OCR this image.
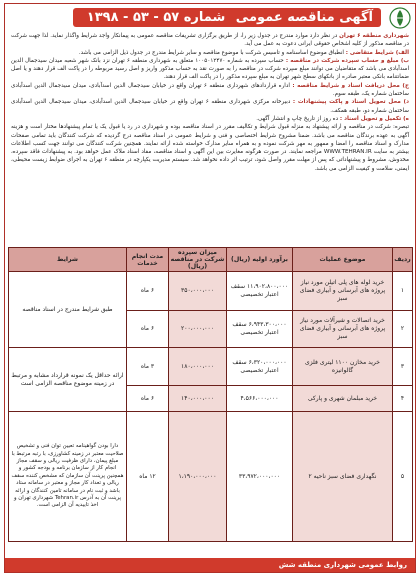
آگهی مناقصه عمومی شماره ۵۷ - ۵۳ - ۱۳۹۸

شهرداری منطقه ۶ تهران در نظر دارد موارد مندرج در جدول زیر را، از طریق برگزاری تشریفات مناقصه عمومی به پیمانکار واجد شرایط واگذار نماید. لذا جهت شرکت در مناقصه مذکور از کلیه اشخاص حقوقی ایرانی دعوت به عمل می آید.

الف) شرایط متقاضی : انطباق موضوع اساسنامه و تاسیس شرکت با موضوع مناقصه و سایر شرایط مندرج در جدول ذیل الزامی می باشد.

ب) مبلغ و حساب سپرده شرکت در مناقصه : حساب سپرده به شماره ۱۰۰۵۰۱۲۴۷۰ متعلق به شهرداری منطقه ۶ تهران نزد بانک شهر شعبه میدان سیدجمال الدین اسدآبادی می باشد که متقاضیان می توانند مبلغ سپرده شرکت در مناقصه را به صورت نقد به حساب مذکور واریز و اصل رسید مربوطه را در پاکت الف قرار دهند و یا اصل ضمانتنامه بانکی معتبر صادره از بانکهای سطح شهر تهران به مبلغ سپرده مذکور را در پاکت الف قرار دهند.

ج) محل دریافت اسناد و شرایط مناقصه : اداره قراردادهای شهرداری منطقه ۶ تهران واقع در خیابان سیدجمال الدین اسدآبادی، میدان سیدجمال الدین اسدآبادی ساختمان شماره یک، طبقه سوم.

د) محل تحویل اسناد و پاکت پیشنهادات : دبیرخانه مرکزی شهرداری منطقه ۶ تهران واقع در خیابان سیدجمال الدین اسدآبادی، میدان سیدجمال الدین اسدآبادی ساختمان شماره دو، طبقه همکف.

ه) تکمیل و تحویل اسناد : ده روز از تاریخ چاپ و انتشار آگهی.

تبصره: شرکت در مناقصه و ارائه پیشنهاد به منزله قبول شرایط و تکالیف مقرر در اسناد مناقصه بوده و شهرداری در رد یا قبول یک یا تمام پیشنهادها مختار است و هزینه آگهی به عهده برندگان مناقصه می باشد. ضمنا مشروح شرایط اختصاصی و فنی و شرایط عمومی در اسناد مناقصه درج گردیده که شرکت کنندگان باید تمامی صفحات مدارک و اسناد مناقصه را امضا و ممهور به مهر شرکت نموده و به همراه سایر مدارک خواسته شده ارائه نمایند. همچنین شرکت کنندگان می توانند جهت کسب اطلاعات بیشتر به سایت WWW.TEHRAN.IR مراجعه نمایند. در صورت هرگونه مغایرت بین این آگهی و اسناد مناقصه، مفاد اسناد ملاک عمل خواهد بود. به پیشنهادات فاقد سپرده، مخدوش، مشروط و پیشنهاداتی که پس از مهلت مقرر واصل شود، ترتیب اثر داده نخواهد شد. سیستم مدیریت یکپارچه در منطقه ۶ تهران به اجرای ضوابط زیست محیطی، ایمنی، سلامت و کیفیت الزامی می باشد.

ردیف	موضوع عملیات	برآورد اولیه (ریال)	میزان سپرده شرکت در مناقصه (ریال)	مدت انجام خدمات	شرایط
۱	خرید لوله های پلی اتیلن مورد نیاز پروژه های آبرسانی و آبیاری فضای سبز	۱۱،۹۰۲،۸۰۰،۰۰۰ سقف اعتبار تخصیصی	۳۵۰،۰۰۰،۰۰۰	۶ ماه	طبق شرایط مندرج در اسناد مناقصه
۲	خرید اتصالات و شیرآلات مورد نیاز پروژه های آبرسانی و آبیاری فضای سبز	۶،۹۴۳،۳۰۰،۰۰۰ سقف اعتبار تخصیصی	۲۰۰،۰۰۰،۰۰۰	۶ ماه	
۳	خرید مخازن ۱۱۰۰ لیتری فلزی گالوانیزه	۶،۳۲۰،۰۰۰،۰۰۰ سقف اعتبار تخصیصی	۱۸۰،۰۰۰،۰۰۰	۳ ماه	ارائه حداقل یک نمونه قرارداد مشابه و مرتبط در زمینه موضوع مناقصه الزامی است
۴	خرید مبلمان شهری و پارکی	۴،۵۶۶،۰۰۰،۰۰۰	۱۴۰،۰۰۰،۰۰۰	۶ ماه	
۵	نگهداری فضای سبز ناحیه ۲	۳۳،۹۷۲،۰۰۰،۰۰۰	۱،۱۹۰،۰۰۰،۰۰۰	۱۲ ماه	دارا بودن گواهینامه تعیین توان فنی و تشخیص صلاحیت معتبر در زمینه کشاورزی، با رتبه مرتبط با مبلغ پیمان، دارای ظرفیت ریالی و سقف مجاز انجام کار از سازمان برنامه و بودجه کشور و همچنین پرینت آن سازمان که مشخص کننده سقف ریالی و تعداد کار مجاز و معتبر در سامانه ستاد باشد و ثبت نام در سامانه تامین کنندگان و ارائه پرینت آن به آدرس Tehran.ir شهرداری تهران و اخذ تاییدیه آن الزامی است.
روابط عمومی شهرداری منطقه شش
